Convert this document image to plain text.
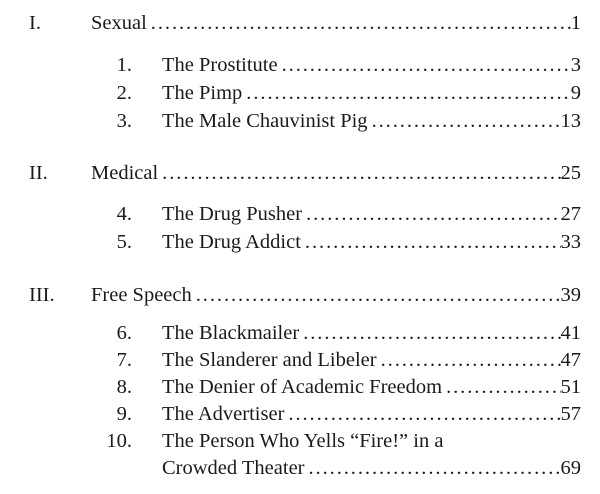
I. Sexual . . .	1
1. The Prostitute . . .	3
2. The Pimp . . .	9
3. The Male Chauvinist Pig . . .	13
II. Medical . . .	25
4. The Drug Pusher . . .	27
5. The Drug Addict . . .	33
III. Free Speech . . .	39
6. The Blackmailer . . .	41
7. The Slanderer and Libeler . . .	47
8. The Denier of Academic Freedom . . .	51
9. The Advertiser . . .	57
10. The Person Who Yells “Fire!” in a
Crowded Theater . . .	69
